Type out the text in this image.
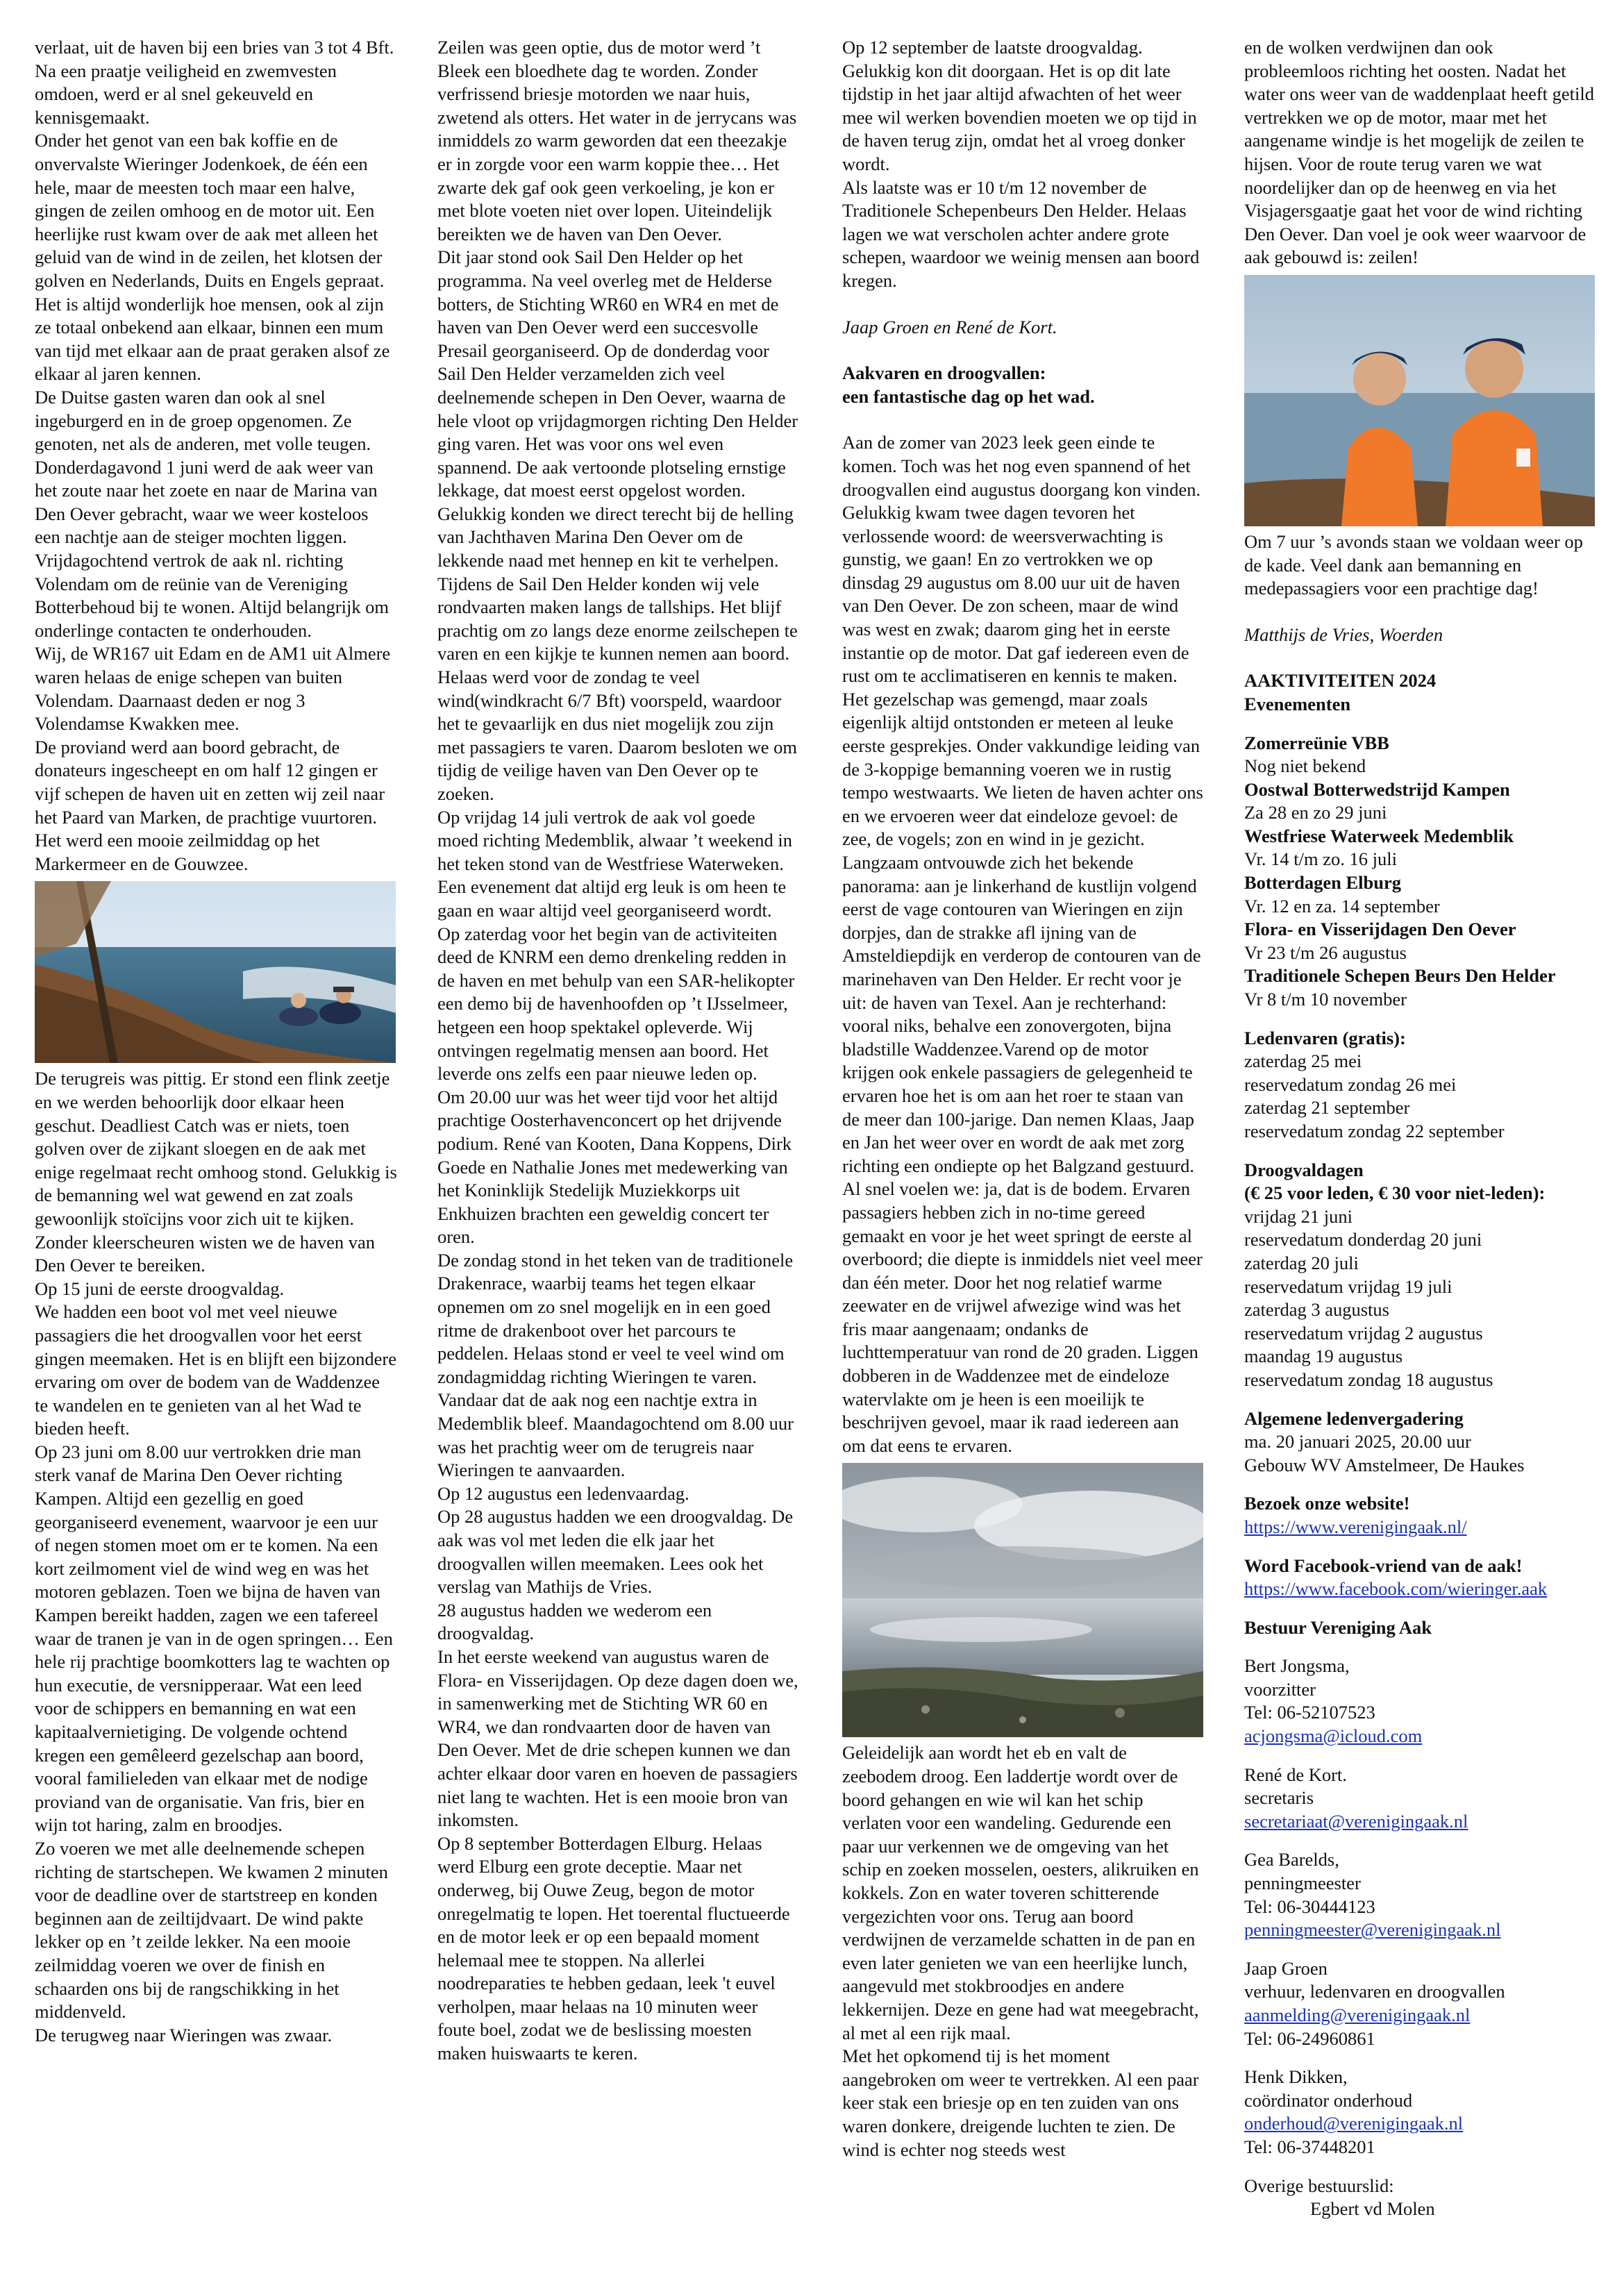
verlaat, uit de haven bij een bries van 3 tot 4 Bft.

Na een praatje veiligheid en zwemvesten omdoen, werd er al snel gekeuveld en kennisgemaakt.

Onder het genot van een bak koffie en de onvervalste Wieringer Jodenkoek, de één een hele, maar de meesten toch maar een halve, gingen de zeilen omhoog en de motor uit. Een heerlijke rust kwam over de aak met alleen het geluid van de wind in de zeilen, het klotsen der golven en Nederlands, Duits en Engels gepraat. Het is altijd wonderlijk hoe mensen, ook al zijn ze totaal onbekend aan elkaar, binnen een mum van tijd met elkaar aan de praat geraken alsof ze elkaar al jaren kennen.

De Duitse gasten waren dan ook al snel ingeburgerd en in de groep opgenomen. Ze genoten, net als de anderen, met volle teugen.

Donderdagavond 1 juni werd de aak weer van het zoute naar het zoete en naar de Marina van Den Oever gebracht, waar we weer kosteloos een nachtje aan de steiger mochten liggen.

Vrijdagochtend vertrok de aak nl. richting Volendam om de reünie van de Vereniging Botterbehoud bij te wonen. Altijd belangrijk om onderlinge contacten te onderhouden.

Wij, de WR167 uit Edam en de AM1 uit Almere waren helaas de enige schepen van buiten Volendam. Daarnaast deden er nog 3 Volendamse Kwakken mee.

De proviand werd aan boord gebracht, de donateurs ingescheept en om half 12 gingen er vijf schepen de haven uit en zetten wij zeil naar het Paard van Marken, de prachtige vuurtoren. Het werd een mooie zeilmiddag op het Markermeer en de Gouwzee.

De terugreis was pittig. Er stond een flink zeetje en we werden behoorlijk door elkaar heen geschut. Deadliest Catch was er niets, toen golven over de zijkant sloegen en de aak met enige regelmaat recht omhoog stond. Gelukkig is de bemanning wel wat gewend en zat zoals gewoonlijk stoïcijns voor zich uit te kijken. Zonder kleerscheuren wisten we de haven van Den Oever te bereiken.

Op 15 juni de eerste droogvaldag.

We hadden een boot vol met veel nieuwe passagiers die het droogvallen voor het eerst gingen meemaken. Het is en blijft een bijzondere ervaring om over de bodem van de Waddenzee te wandelen en te genieten van al het Wad te bieden heeft.

Op 23 juni om 8.00 uur vertrokken drie man sterk vanaf de Marina Den Oever richting Kampen. Altijd een gezellig en goed georganiseerd evenement, waarvoor je een uur of negen stomen moet om er te komen. Na een kort zeilmoment viel de wind weg en was het motoren geblazen. Toen we bijna de haven van Kampen bereikt hadden, zagen we een tafereel waar de tranen je van in de ogen springen… Een hele rij prachtige boomkotters lag te wachten op hun executie, de versnipperaar. Wat een leed voor de schippers en bemanning en wat een kapitaalvernietiging. De volgende ochtend kregen een gemêleerd gezelschap aan boord, vooral familieleden van elkaar met de nodige proviand van de organisatie. Van fris, bier en wijn tot haring, zalm en broodjes.

Zo voeren we met alle deelnemende schepen richting de startschepen. We kwamen 2 minuten voor de deadline over de startstreep en konden beginnen aan de zeiltijdvaart. De wind pakte lekker op en ’t zeilde lekker. Na een mooie zeilmiddag voeren we over de finish en schaarden ons bij de rangschikking in het middenveld.

De terugweg naar Wieringen was zwaar.

Zeilen was geen optie, dus de motor werd ’t Bleek een bloedhete dag te worden. Zonder verfrissend briesje motorden we naar huis, zwetend als otters. Het water in de jerrycans was inmiddels zo warm geworden dat een theezakje er in zorgde voor een warm koppie thee… Het zwarte dek gaf ook geen verkoeling, je kon er met blote voeten niet over lopen. Uiteindelijk bereikten we de haven van Den Oever.

Dit jaar stond ook Sail Den Helder op het programma. Na veel overleg met de Helderse botters, de Stichting WR60 en WR4 en met de haven van Den Oever werd een succesvolle Presail georganiseerd. Op de donderdag voor Sail Den Helder verzamelden zich veel deelnemende schepen in Den Oever, waarna de hele vloot op vrijdagmorgen richting Den Helder ging varen. Het was voor ons wel even spannend. De aak vertoonde plotseling ernstige lekkage, dat moest eerst opgelost worden. Gelukkig konden we direct terecht bij de helling van Jachthaven Marina Den Oever om de lekkende naad met hennep en kit te verhelpen. Tijdens de Sail Den Helder konden wij vele rondvaarten maken langs de tallships. Het blijf prachtig om zo langs deze enorme zeilschepen te varen en een kijkje te kunnen nemen aan boord.

Helaas werd voor de zondag te veel wind(windkracht 6/7 Bft) voorspeld, waardoor het te gevaarlijk en dus niet mogelijk zou zijn met passagiers te varen. Daarom besloten we om tijdig de veilige haven van Den Oever op te zoeken.

Op vrijdag 14 juli vertrok de aak vol goede moed richting Medemblik, alwaar ’t weekend in het teken stond van de Westfriese Waterweken. Een evenement dat altijd erg leuk is om heen te gaan en waar altijd veel georganiseerd wordt.

Op zaterdag voor het begin van de activiteiten deed de KNRM een demo drenkeling redden in de haven en met behulp van een SAR-helikopter een demo bij de havenhoofden op ’t IJsselmeer, hetgeen een hoop spektakel opleverde. Wij ontvingen regelmatig mensen aan boord. Het leverde ons zelfs een paar nieuwe leden op.

Om 20.00 uur was het weer tijd voor het altijd prachtige Oosterhavenconcert op het drijvende podium. René van Kooten, Dana Koppens, Dirk Goede en Nathalie Jones met medewerking van het Koninklijk Stedelijk Muziekkorps uit Enkhuizen brachten een geweldig concert ter oren.

De zondag stond in het teken van de traditionele Drakenrace, waarbij teams het tegen elkaar opnemen om zo snel mogelijk en in een goed ritme de drakenboot over het parcours te peddelen. Helaas stond er veel te veel wind om zondagmiddag richting Wieringen te varen. Vandaar dat de aak nog een nachtje extra in Medemblik bleef. Maandagochtend om 8.00 uur was het prachtig weer om de terugreis naar Wieringen te aanvaarden.

Op 12 augustus een ledenvaardag.

Op 28 augustus hadden we een droogvaldag. De aak was vol met leden die elk jaar het droogvallen willen meemaken. Lees ook het verslag van Mathijs de Vries.

28 augustus hadden we wederom een droogvaldag.

In het eerste weekend van augustus waren de Flora- en Visserijdagen. Op deze dagen doen we, in samenwerking met de Stichting WR 60 en WR4, we dan rondvaarten door de haven van Den Oever. Met de drie schepen kunnen we dan achter elkaar door varen en hoeven de passagiers niet lang te wachten. Het is een mooie bron van inkomsten.

Op 8 september Botterdagen Elburg. Helaas werd Elburg een grote deceptie. Maar net onderweg, bij Ouwe Zeug, begon de motor onregelmatig te lopen. Het toerental fluctueerde en de motor leek er op een bepaald moment helemaal mee te stoppen. Na allerlei noodreparaties te hebben gedaan, leek 't euvel verholpen, maar helaas na 10 minuten weer foute boel, zodat we de beslissing moesten maken huiswaarts te keren.

Op 12 september de laatste droogvaldag. Gelukkig kon dit doorgaan. Het is op dit late tijdstip in het jaar altijd afwachten of het weer mee wil werken bovendien moeten we op tijd in de haven terug zijn, omdat het al vroeg donker wordt.

Als laatste was er 10 t/m 12 november de Traditionele Schepenbeurs Den Helder. Helaas lagen we wat verscholen achter andere grote schepen, waardoor we weinig mensen aan boord kregen.

Jaap Groen en René de Kort.

Aakvaren en droogvallen:

een fantastische dag op het wad.

Aan de zomer van 2023 leek geen einde te komen. Toch was het nog even spannend of het droogvallen eind augustus doorgang kon vinden. Gelukkig kwam twee dagen tevoren het verlossende woord: de weersverwachting is gunstig, we gaan! En zo vertrokken we op dinsdag 29 augustus om 8.00 uur uit de haven van Den Oever. De zon scheen, maar de wind was west en zwak; daarom ging het in eerste instantie op de motor. Dat gaf iedereen even de rust om te acclimatiseren en kennis te maken. Het gezelschap was gemengd, maar zoals eigenlijk altijd ontstonden er meteen al leuke eerste gesprekjes. Onder vakkundige leiding van de 3-koppige bemanning voeren we in rustig tempo westwaarts. We lieten de haven achter ons en we ervoeren weer dat eindeloze gevoel: de zee, de vogels; zon en wind in je gezicht. Langzaam ontvouwde zich het bekende panorama: aan je linkerhand de kustlijn volgend eerst de vage contouren van Wieringen en zijn dorpjes, dan de strakke afl ijning van de Amsteldiepdijk en verderop de contouren van de marinehaven van Den Helder. Er recht voor je uit: de haven van Texel. Aan je rechterhand: vooral niks, behalve een zonovergoten, bijna bladstille Waddenzee.Varend op de motor krijgen ook enkele passagiers de gelegenheid te ervaren hoe het is om aan het roer te staan van de meer dan 100-jarige. Dan nemen Klaas, Jaap en Jan het weer over en wordt de aak met zorg richting een ondiepte op het Balgzand gestuurd. Al snel voelen we: ja, dat is de bodem. Ervaren passagiers hebben zich in no-time gereed gemaakt en voor je het weet springt de eerste al overboord; die diepte is inmiddels niet veel meer dan één meter. Door het nog relatief warme zeewater en de vrijwel afwezige wind was het fris maar aangenaam; ondanks de luchttemperatuur van rond de 20 graden. Liggen dobberen in de Waddenzee met de eindeloze watervlakte om je heen is een moeilijk te beschrijven gevoel, maar ik raad iedereen aan om dat eens te ervaren.

Geleidelijk aan wordt het eb en valt de zeebodem droog. Een laddertje wordt over de boord gehangen en wie wil kan het schip verlaten voor een wandeling. Gedurende een paar uur verkennen we de omgeving van het schip en zoeken mosselen, oesters, alikruiken en kokkels. Zon en water toveren schitterende vergezichten voor ons. Terug aan boord verdwijnen de verzamelde schatten in de pan en even later genieten we van een heerlijke lunch, aangevuld met stokbroodjes en andere lekkernijen. Deze en gene had wat meegebracht, al met al een rijk maal.

Met het opkomend tij is het moment aangebroken om weer te vertrekken. Al een paar keer stak een briesje op en ten zuiden van ons waren donkere, dreigende luchten te zien. De wind is echter nog steeds west

en de wolken verdwijnen dan ook probleemloos richting het oosten. Nadat het water ons weer van de waddenplaat heeft getild vertrekken we op de motor, maar met het aangename windje is het mogelijk de zeilen te hijsen. Voor de route terug varen we wat noordelijker dan op de heenweg en via het Visjagersgaatje gaat het voor de wind richting Den Oever. Dan voel je ook weer waarvoor de aak gebouwd is: zeilen!

Om 7 uur ’s avonds staan we voldaan weer op de kade. Veel dank aan bemanning en medepassagiers voor een prachtige dag!

Matthijs de Vries, Woerden

AAKTIVITEITEN 2024

Evenementen

Zomerreünie VBB

Nog niet bekend

Oostwal Botterwedstrijd Kampen

Za 28 en zo 29 juni

Westfriese Waterweek Medemblik

Vr. 14 t/m zo. 16 juli

Botterdagen Elburg

Vr. 12 en za. 14 september

Flora- en Visserijdagen Den Oever

Vr 23 t/m 26 augustus

Traditionele Schepen Beurs Den Helder

Vr 8 t/m 10 november

Ledenvaren (gratis):

zaterdag 25 mei

reservedatum zondag 26 mei

zaterdag 21 september

reservedatum zondag 22 september

Droogvaldagen

(€ 25 voor leden, € 30 voor niet-leden):

vrijdag 21 juni

reservedatum donderdag 20 juni

zaterdag 20 juli

reservedatum vrijdag 19 juli

zaterdag 3 augustus

reservedatum vrijdag 2 augustus

maandag 19 augustus

reservedatum zondag 18 augustus

Algemene ledenvergadering

ma. 20 januari 2025, 20.00 uur

Gebouw WV Amstelmeer, De Haukes

Bezoek onze website!

https://www.verenigingaak.nl/

Word Facebook-vriend van de aak!

https://www.facebook.com/wieringer.aak

Bestuur Vereniging Aak

Bert Jongsma,

voorzitter

Tel: 06-52107523

acjongsma@icloud.com

René de Kort.

secretaris

secretariaat@verenigingaak.nl

Gea Barelds,

penningmeester

Tel: 06-30444123

penningmeester@verenigingaak.nl

Jaap Groen

verhuur, ledenvaren en droogvallen

aanmelding@verenigingaak.nl

Tel: 06-24960861

Henk Dikken,

coördinator onderhoud

onderhoud@verenigingaak.nl

Tel: 06-37448201

Overige bestuurslid:

Egbert vd Molen
